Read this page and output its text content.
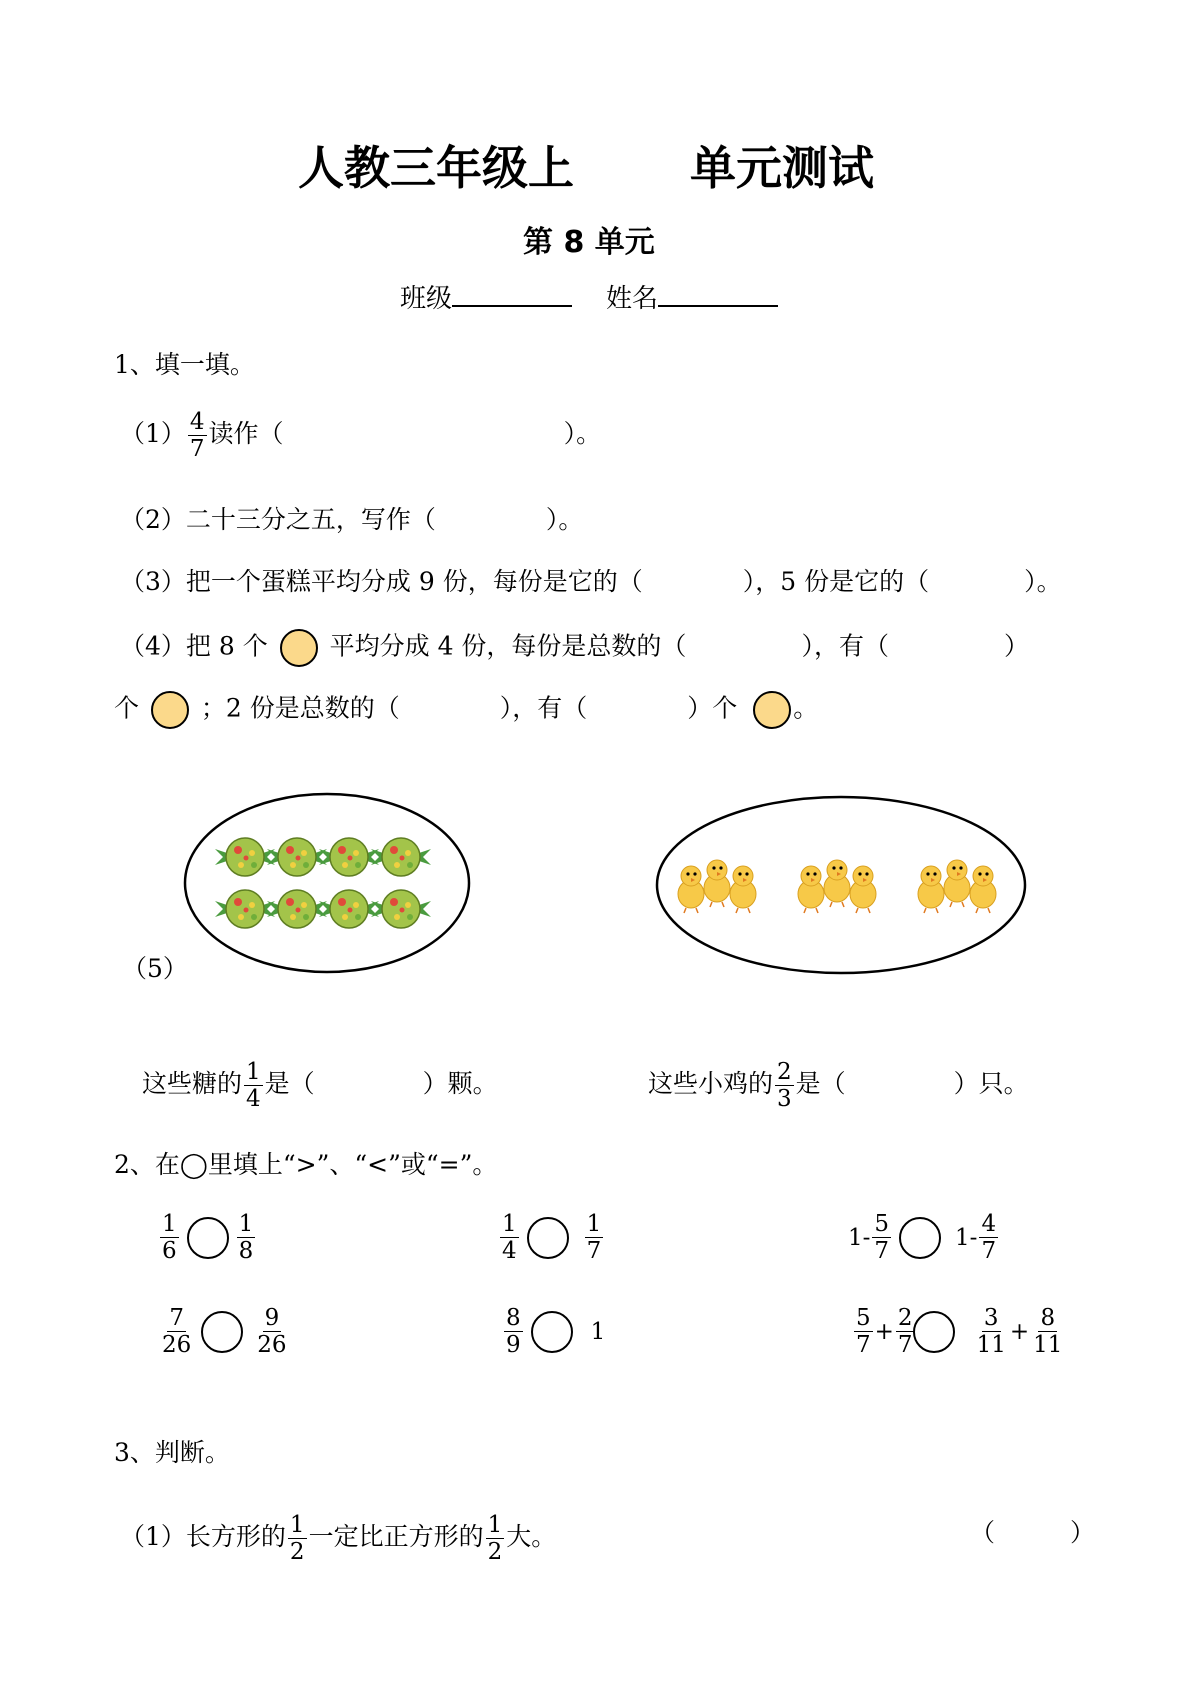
人教三年级上	单元测试
第 8 单元
班级	姓名
1、填一填。
$(1) \frac{4}{7}$ 读作（	）。
（2）二十三分之五，写作（	）。
（3）把一个蛋糕平均分成 9 份，每份是它的（	），5 份是它的（	）。
（4）把 8 个 平均分成 4 份，每份是总数的（	），有（	）
个 ；2 份是总数的（	），有（	）个 。
（5）
这些糖的 $\frac{1}{4}$ 是（	）颗。	这些小鸡的 $\frac{2}{3}$ 是（	）只。
2、在◯里填上“>”、“<”或“=”。
$\frac{1}{6}$	$\frac{1}{8}$	$\frac{1}{4}$	$\frac{1}{7}$	$1- \frac{5}{7}$	$1- \frac{4}{7}$
$\frac{7}{26}$	$\frac{9}{26}$	$\frac{8}{9}$	1	$\frac{5}{7} + \frac{2}{7}$	$\frac{3}{11} + \frac{8}{11}$
3、判断。
（1）长方形的 $\frac{1}{2}$ 一定比正方形的 $\frac{1}{2}$ 大。	（	）
